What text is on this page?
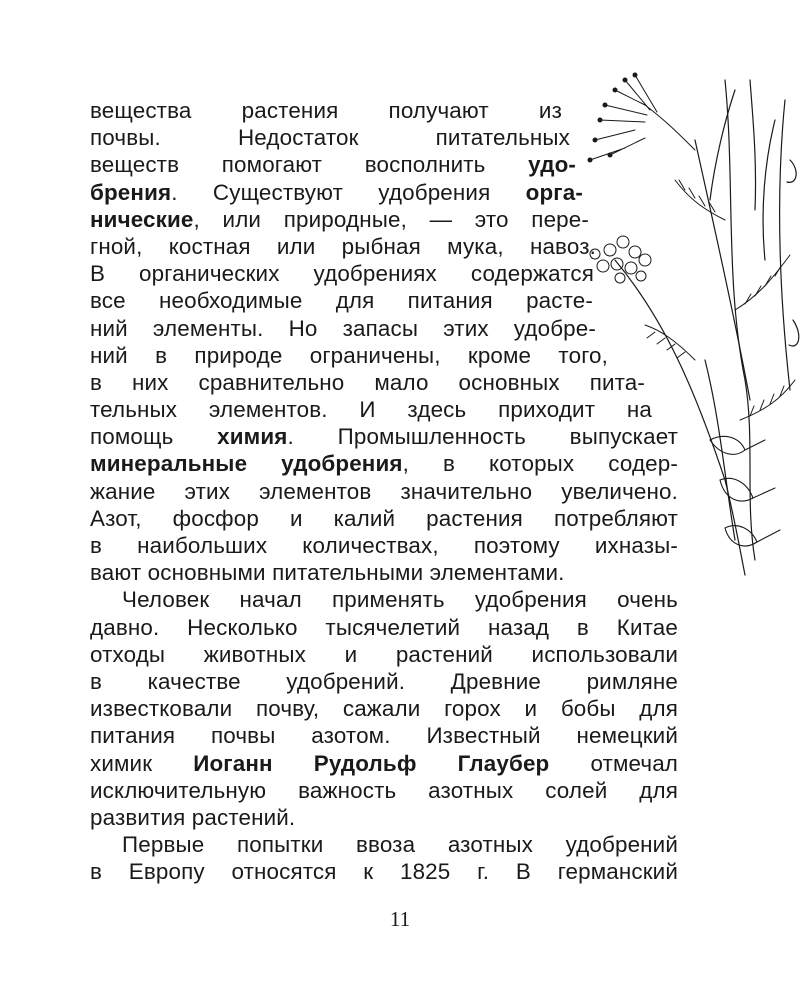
вещества растения получают из
почвы. Недостаток питательных
веществ помогают восполнить удо-
брения. Существуют удобрения орга-
нические, или природные, — это пере-
гной, костная или рыбная мука, навоз.
В органических удобрениях содержатся
все необходимые для питания расте-
ний элементы. Но запасы этих удобре-
ний в природе ограничены, кроме того,
в них сравнительно мало основных пита-
тельных элементов. И здесь приходит на
помощь химия. Промышленность выпускает
минеральные удобрения, в которых содер-
жание этих элементов значительно увеличено.
Азот, фосфор и калий растения потребляют
в наибольших количествах, поэтому ихназы-
вают основными питательными элементами.
Человек начал применять удобрения очень
давно. Несколько тысячелетий назад в Китае
отходы животных и растений использовали
в качестве удобрений. Древние римляне
известковали почву, сажали горох и бобы для
питания почвы азотом. Известный немецкий
химик Иоганн Рудольф Глаубер отмечал
исключительную важность азотных солей для
развития растений.
Первые попытки ввоза азотных удобрений
в Европу относятся к 1825 г. В германский
11
